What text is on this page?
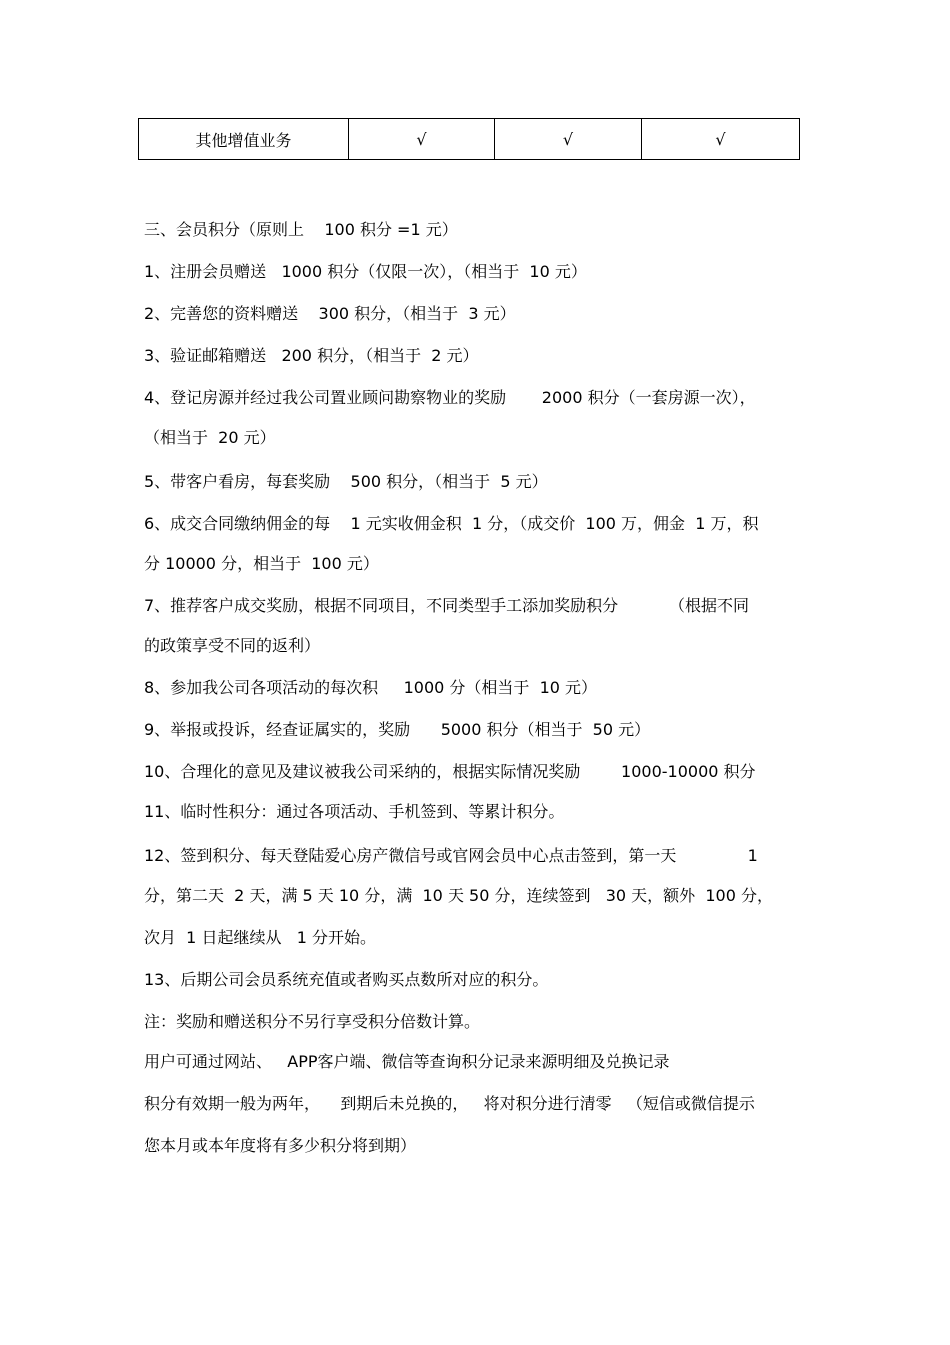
其他增值业务	√	√	√
三、会员积分（原则上    100 积分 =1 元）
1、注册会员赠送   1000 积分（仅限一次），（相当于  10 元）
2、完善您的资料赠送    300 积分，（相当于  3 元）
3、验证邮箱赠送   200 积分，（相当于  2 元）
4、登记房源并经过我公司置业顾问勘察物业的奖励       2000 积分（一套房源一次），
（相当于  20 元）
5、带客户看房，每套奖励    500 积分，（相当于  5 元）
6、成交合同缴纳佣金的每    1 元实收佣金积  1 分，（成交价  100 万，佣金  1 万，积
分 10000 分，相当于  100 元）
7、推荐客户成交奖励，根据不同项目，不同类型手工添加奖励积分          （根据不同
的政策享受不同的返利）
8、参加我公司各项活动的每次积     1000 分（相当于  10 元）
9、举报或投诉，经查证属实的，奖励      5000 积分（相当于  50 元）
10、合理化的意见及建议被我公司采纳的，根据实际情况奖励        1000-10000 积分
11、临时性积分：通过各项活动、手机签到、等累计积分。
12、签到积分、每天登陆爱心房产微信号或官网会员中心点击签到，第一天              1
分，第二天  2 天，满 5 天 10 分，满  10 天 50 分，连续签到   30 天，额外  100 分，
次月  1 日起继续从   1 分开始。
13、后期公司会员系统充值或者购买点数所对应的积分。
注：奖励和赠送积分不另行享受积分倍数计算。
用户可通过网站、   APP客户端、微信等查询积分记录来源明细及兑换记录
积分有效期一般为两年，    到期后未兑换的，   将对积分进行清零   （短信或微信提示
您本月或本年度将有多少积分将到期）
